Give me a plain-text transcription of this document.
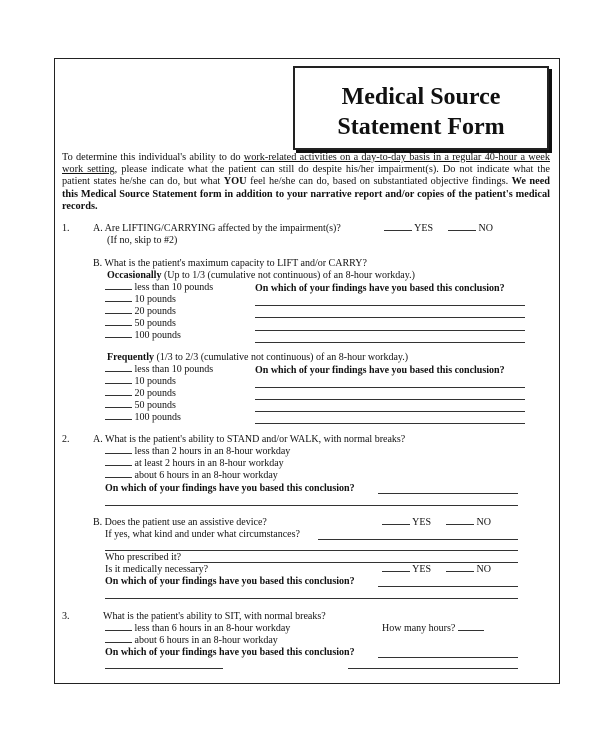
Medical Source
Statement Form
To determine this individual's ability to do work-related activities on a day-to-day basis in a regular 40-hour a week work setting, please indicate what the patient can still do despite his/her impairment(s). Do not indicate what the patient states he/she can do, but what YOU feel he/she can do, based on substantiated objective findings. We need this Medical Source Statement form in addition to your narrative report and/or copies of the patient's medical records.
1. A. Are LIFTING/CARRYING affected by the impairment(s)?	YES	NO
(If no, skip to #2)
B. What is the patient's maximum capacity to LIFT and/or CARRY?
Occasionally (Up to 1/3 (cumulative not continuous) of an 8-hour workday.)
On which of your findings have you based this conclusion?
less than 10 pounds
10 pounds
20 pounds
50 pounds
100 pounds
Frequently (1/3 to 2/3 (cumulative not continuous) of an 8-hour workday.)
On which of your findings have you based this conclusion?
less than 10 pounds
10 pounds
20 pounds
50 pounds
100 pounds
2. A. What is the patient's ability to STAND and/or WALK, with normal breaks?
less than 2 hours in an 8-hour workday
at least 2 hours in an 8-hour workday
about 6 hours in an 8-hour workday
On which of your findings have you based this conclusion?
B. Does the patient use an assistive device?	YES	NO
If yes, what kind and under what circumstances?
Who prescribed it?
Is it medically necessary?	YES	NO
On which of your findings have you based this conclusion?
3.	What is the patient's ability to SIT, with normal breaks?
less than 6 hours in an 8-hour workday
about 6 hours in an 8-hour workday
How many hours?
On which of your findings have you based this conclusion?
